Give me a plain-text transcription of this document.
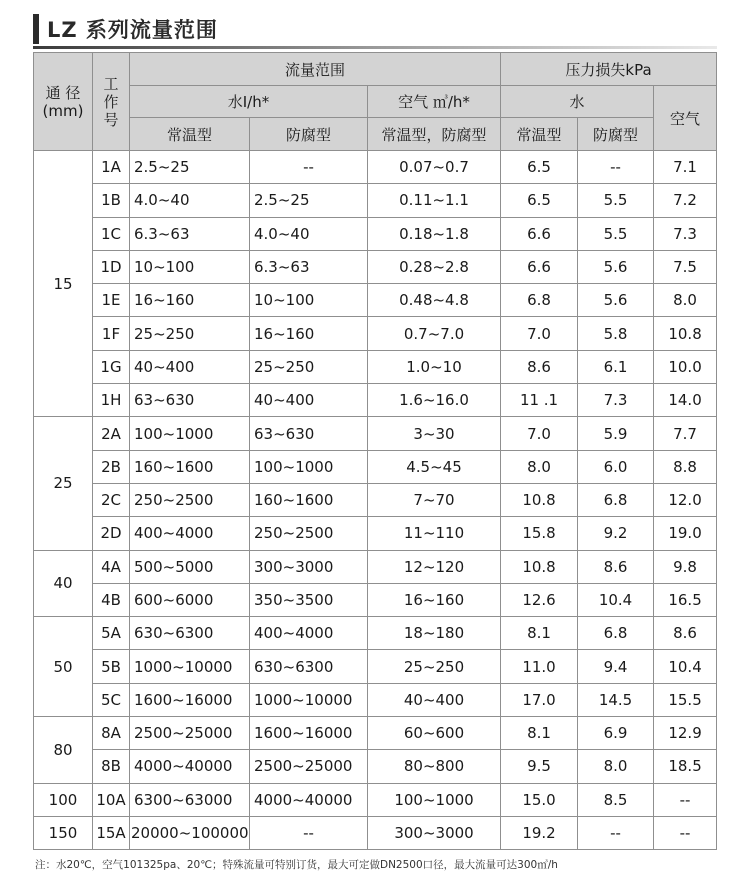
LZ 系列流量范围
通 径
(mm)	工
作
号	流量范围			压力损失kPa		
		水I/h*		空气 ㎥/h*	水		空气
		常温型	防腐型	常温型，防腐型	常温型	防腐型	
15	1A	2.5~25	--	0.07~0.7	6.5	--	7.1
	1B	4.0~40	2.5~25	0.11~1.1	6.5	5.5	7.2
	1C	6.3~63	4.0~40	0.18~1.8	6.6	5.5	7.3
	1D	10~100	6.3~63	0.28~2.8	6.6	5.6	7.5
	1E	16~160	10~100	0.48~4.8	6.8	5.6	8.0
	1F	25~250	16~160	0.7~7.0	7.0	5.8	10.8
	1G	40~400	25~250	1.0~10	8.6	6.1	10.0
	1H	63~630	40~400	1.6~16.0	11 .1	7.3	14.0
25	2A	100~1000	63~630	3~30	7.0	5.9	7.7
	2B	160~1600	100~1000	4.5~45	8.0	6.0	8.8
	2C	250~2500	160~1600	7~70	10.8	6.8	12.0
	2D	400~4000	250~2500	11~110	15.8	9.2	19.0
40	4A	500~5000	300~3000	12~120	10.8	8.6	9.8
	4B	600~6000	350~3500	16~160	12.6	10.4	16.5
50	5A	630~6300	400~4000	18~180	8.1	6.8	8.6
	5B	1000~10000	630~6300	25~250	11.0	9.4	10.4
	5C	1600~16000	1000~10000	40~400	17.0	14.5	15.5
80	8A	2500~25000	1600~16000	60~600	8.1	6.9	12.9
	8B	4000~40000	2500~25000	80~800	9.5	8.0	18.5
100	10A	6300~63000	4000~40000	100~1000	15.0	8.5	--
150	15A	20000~100000	--	300~3000	19.2	--	--
注：水20℃，空气101325pa、20℃；特殊流量可特别订货，最大可定做DN2500口径，最大流量可达300㎥/h
